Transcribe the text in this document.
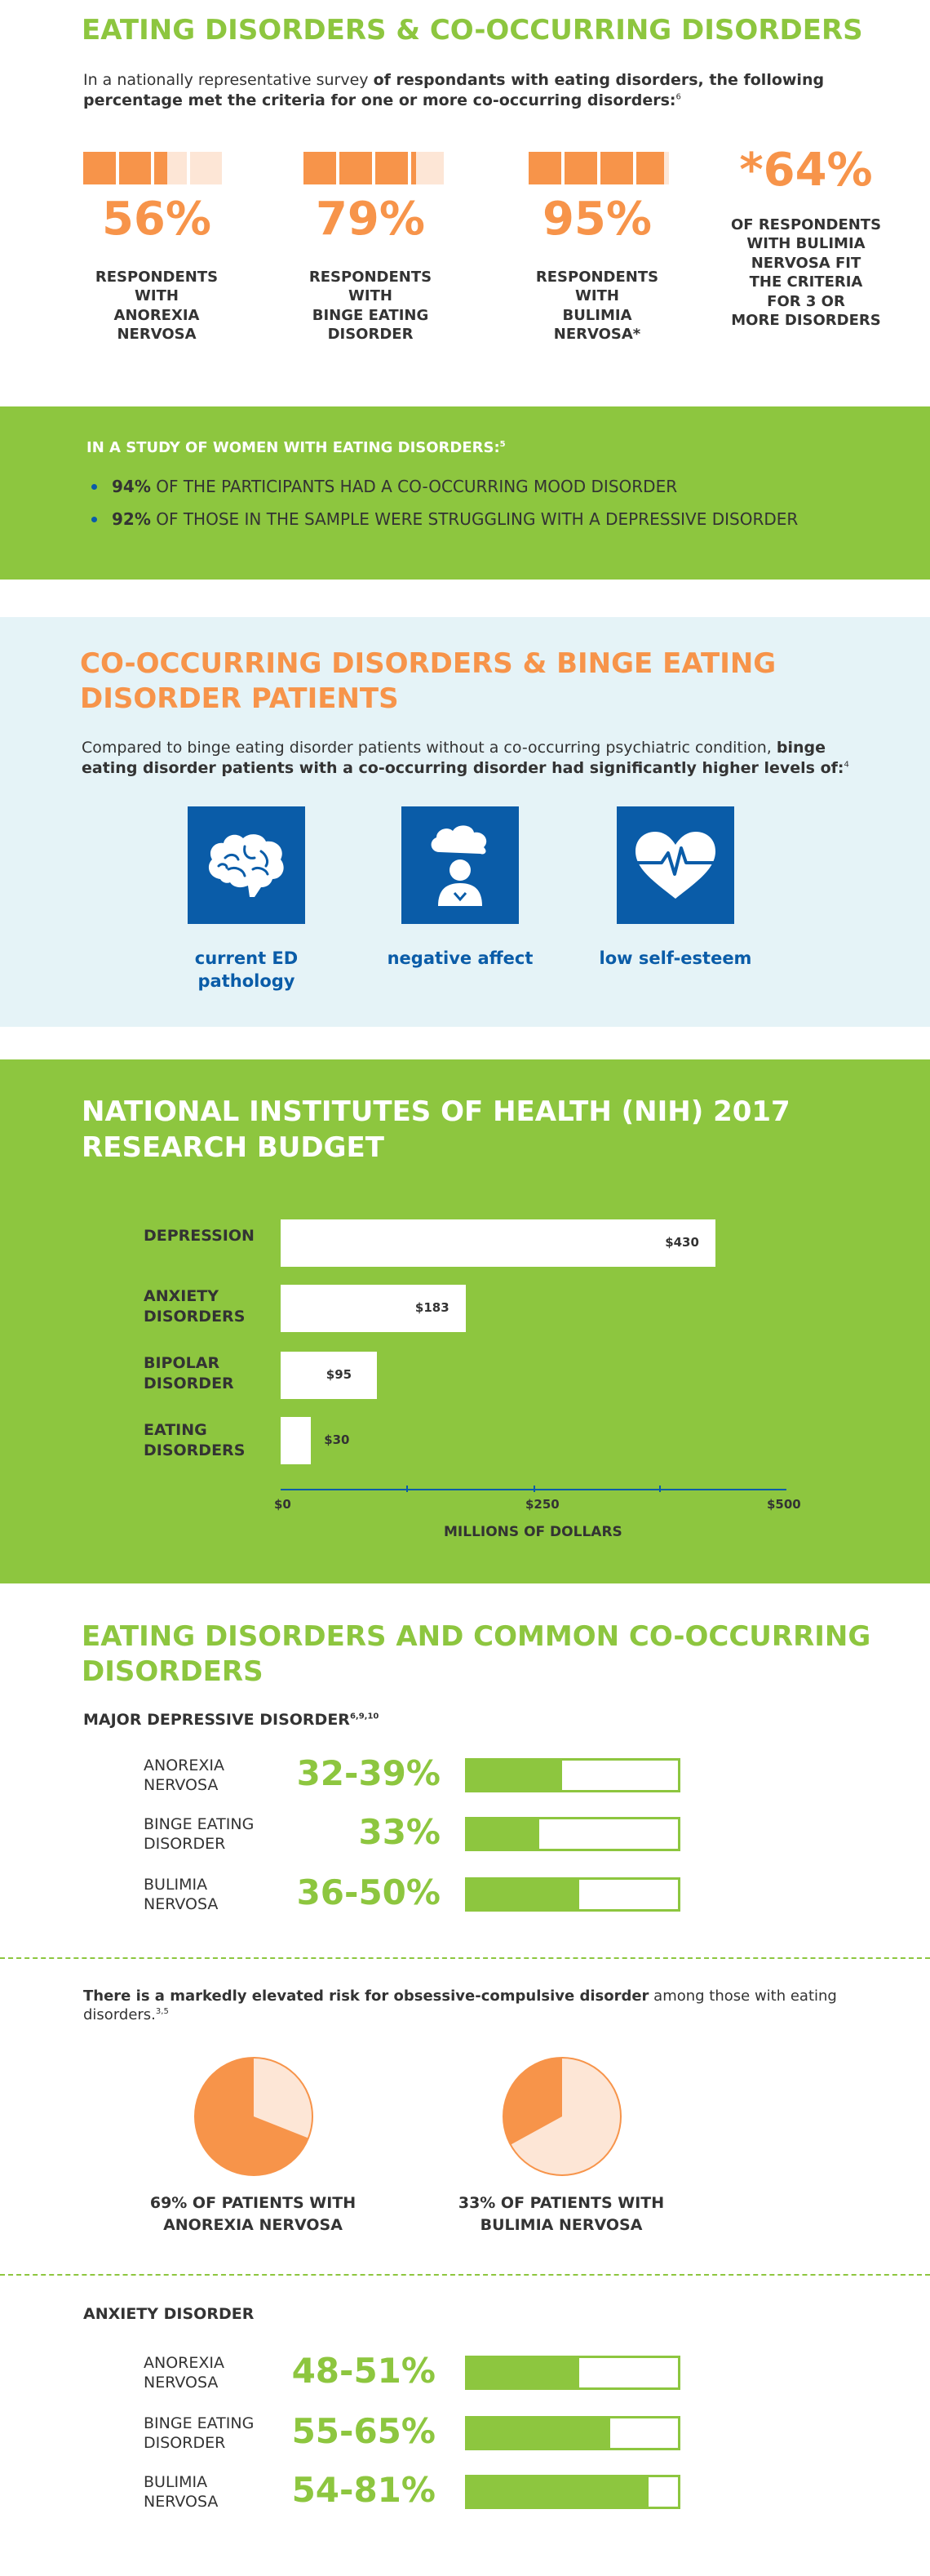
EATING DISORDERS & CO-OCCURRING DISORDERS
In a nationally representative survey of respondants with eating disorders, the following percentage met the criteria for one or more co-occurring disorders:$^6$
56%
RESPONDENTS
WITH
ANOREXIA
NERVOSA
79%
RESPONDENTS
WITH
BINGE EATING
DISORDER
95%
RESPONDENTS
WITH
BULIMIA
NERVOSA*
*64%
OF RESPONDENTS
WITH BULIMIA
NERVOSA FIT
THE CRITERIA
FOR 3 OR
MORE DISORDERS
IN A STUDY OF WOMEN WITH EATING DISORDERS:$^5$
94% OF THE PARTICIPANTS HAD A CO-OCCURRING MOOD DISORDER
92% OF THOSE IN THE SAMPLE WERE STRUGGLING WITH A DEPRESSIVE DISORDER
CO-OCCURRING DISORDERS & BINGE EATING
DISORDER PATIENTS
Compared to binge eating disorder patients without a co-occurring psychiatric condition, binge eating disorder patients with a co-occurring disorder had significantly higher levels of:$^4$
current ED
pathology
negative affect	low self-esteem
NATIONAL INSTITUTES OF HEALTH (NIH) 2017
RESEARCH BUDGET
DEPRESSION
ANXIETY
DISORDERS
BIPOLAR
DISORDER
EATING
DISORDERS
$430
$183
$95
$30
$0	$250	$500
MILLIONS OF DOLLARS
EATING DISORDERS AND COMMON CO-OCCURRING
DISORDERS
MAJOR DEPRESSIVE DISORDER$^{6,9,10}$
ANOREXIA
NERVOSA	32-39%
BINGE EATING
DISORDER	33%
BULIMIA
NERVOSA	36-50%
There is a markedly elevated risk for obsessive-compulsive disorder among those with eating disorders.$^{3,5}$
69% OF PATIENTS WITH
ANOREXIA NERVOSA
33% OF PATIENTS WITH
BULIMIA NERVOSA
ANXIETY DISORDER
ANOREXIA
NERVOSA	48-51%
BINGE EATING
DISORDER	55-65%
BULIMIA
NERVOSA	54-81%
